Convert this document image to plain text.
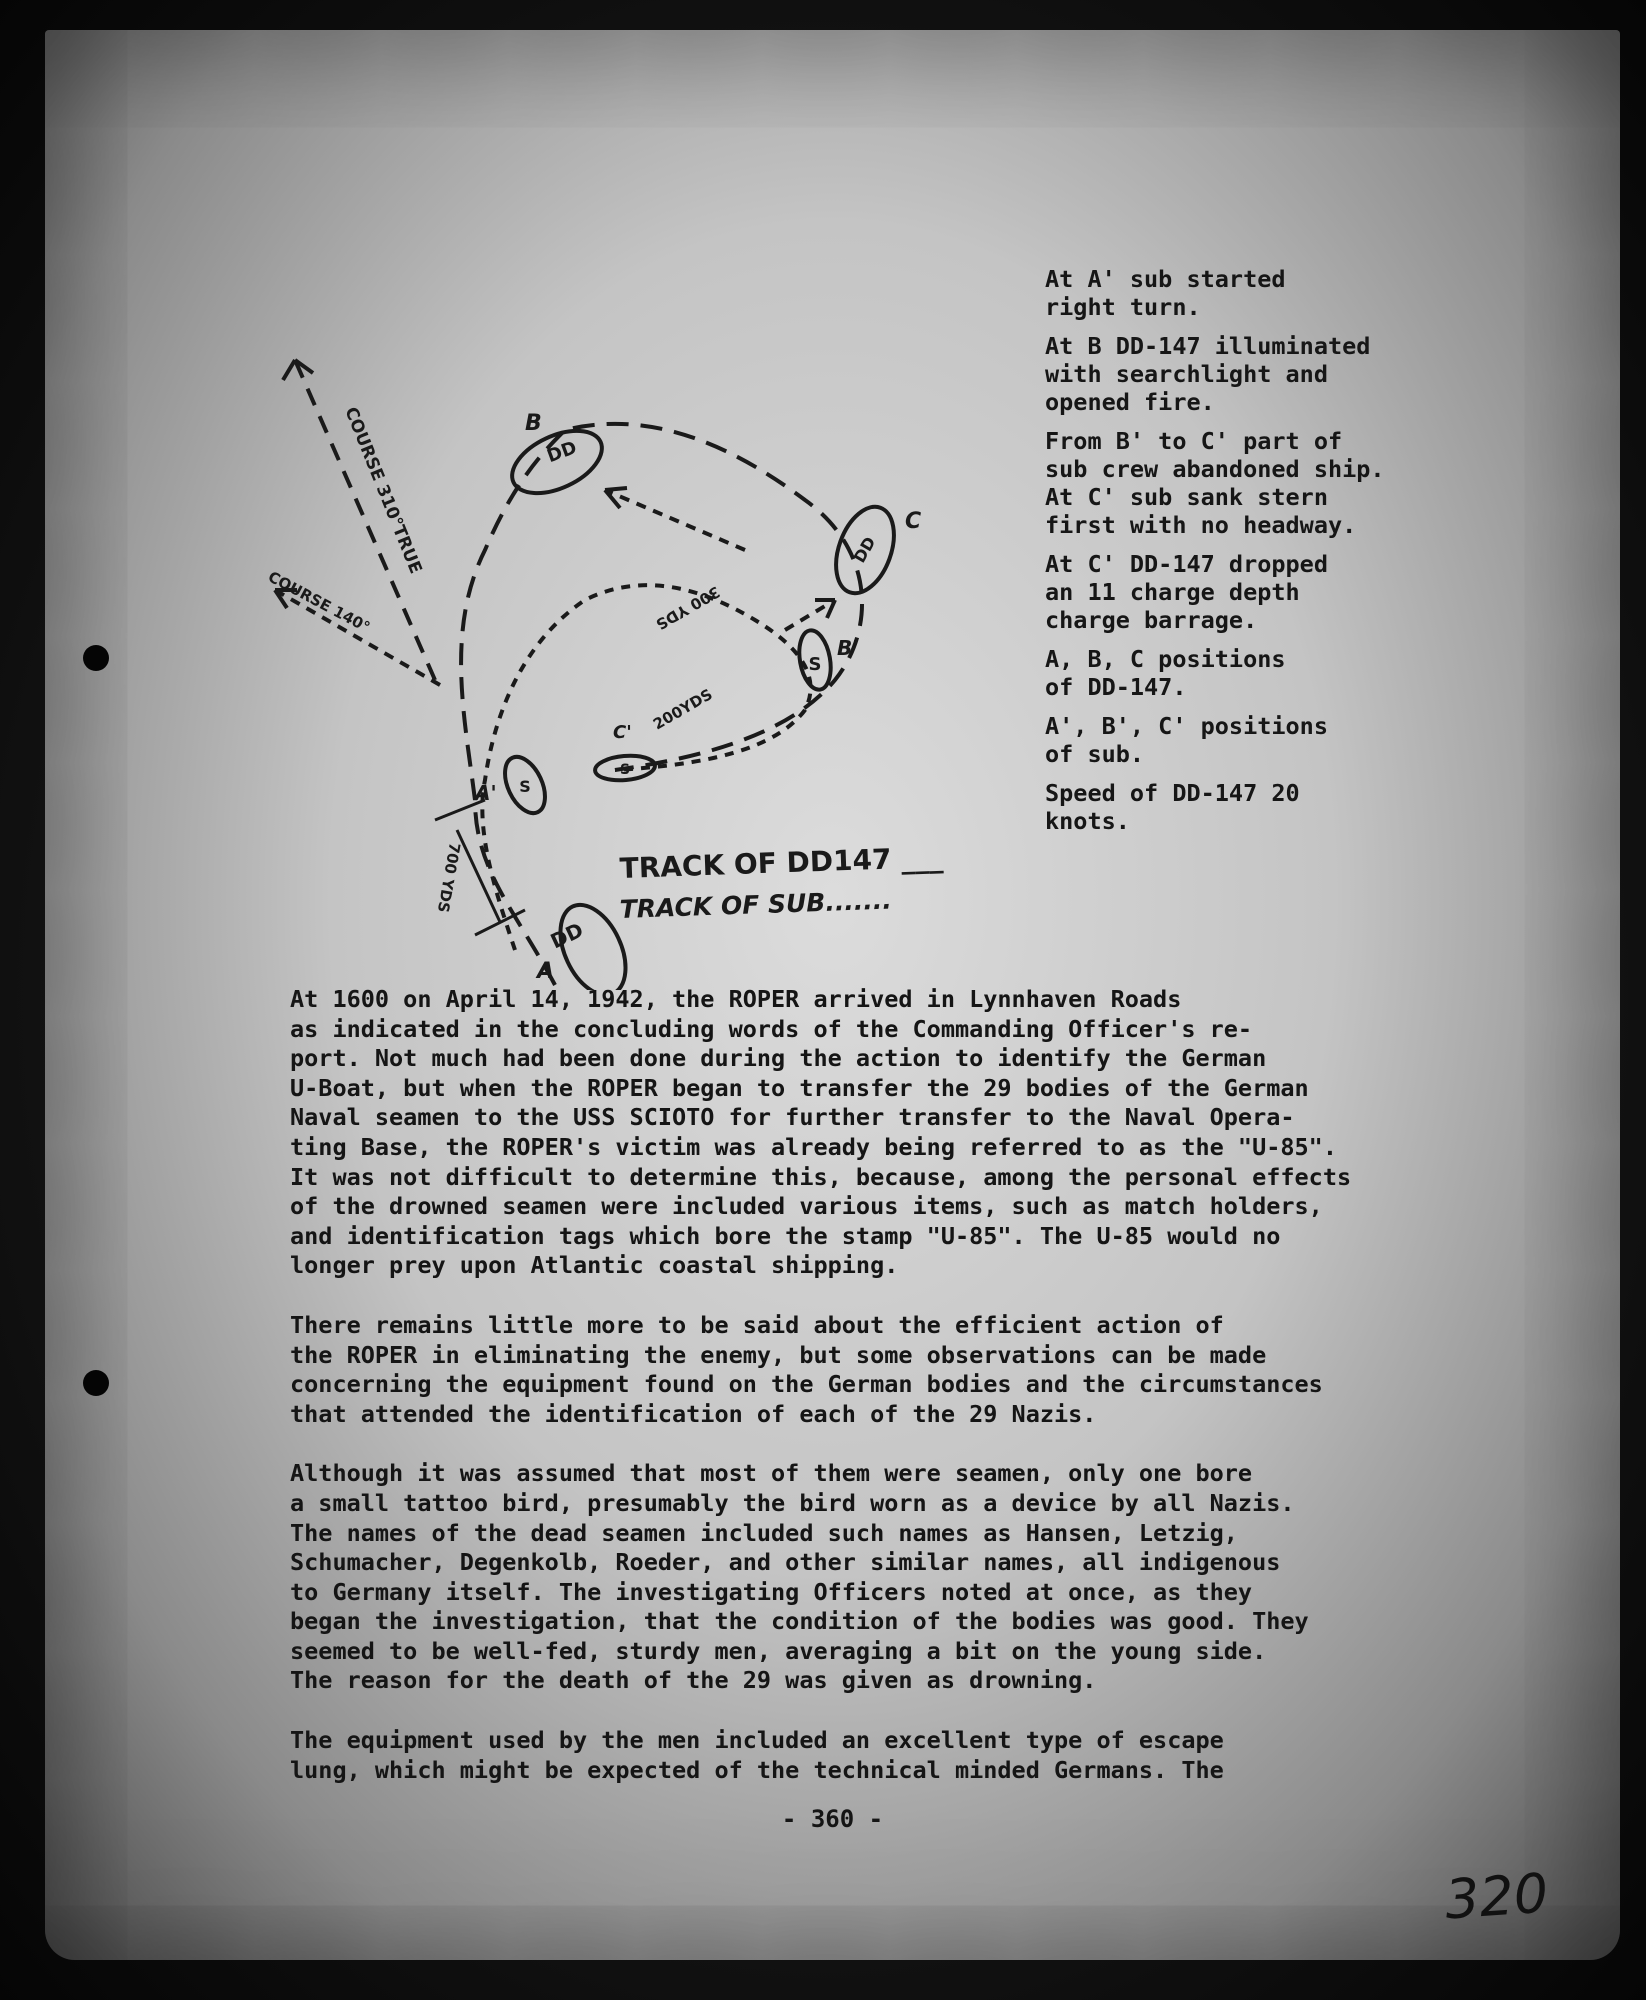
DD
DD
DD
S
S
S
A
A'
B
B'
C
C'
COURSE 310°TRUE
COURSE 140°
700 YDS
200YDS
300 YDS
TRACK OF DD147 ___
TRACK OF SUB.......

At A' sub started
right turn.

At B DD-147 illuminated
with searchlight and
opened fire.

From B' to C' part of
sub crew abandoned ship.
At C' sub sank stern
first with no headway.

At C' DD-147 dropped
an 11 charge depth
charge barrage.

A, B, C positions
of DD-147.

A', B', C' positions
of sub.

Speed of DD-147 20
knots.

At 1600 on April 14, 1942, the ROPER arrived in Lynnhaven Roads
as indicated in the concluding words of the Commanding Officer's re-
port. Not much had been done during the action to identify the German
U-Boat, but when the ROPER began to transfer the 29 bodies of the German
Naval seamen to the USS SCIOTO for further transfer to the Naval Opera-
ting Base, the ROPER's victim was already being referred to as the "U-85".
It was not difficult to determine this, because, among the personal effects
of the drowned seamen were included various items, such as match holders,
and identification tags which bore the stamp "U-85". The U-85 would no
longer prey upon Atlantic coastal shipping.

There remains little more to be said about the efficient action of
the ROPER in eliminating the enemy, but some observations can be made
concerning the equipment found on the German bodies and the circumstances
that attended the identification of each of the 29 Nazis.

Although it was assumed that most of them were seamen, only one bore
a small tattoo bird, presumably the bird worn as a device by all Nazis.
The names of the dead seamen included such names as Hansen, Letzig,
Schumacher, Degenkolb, Roeder, and other similar names, all indigenous
to Germany itself. The investigating Officers noted at once, as they
began the investigation, that the condition of the bodies was good. They
seemed to be well-fed, sturdy men, averaging a bit on the young side.
The reason for the death of the 29 was given as drowning.

The equipment used by the men included an excellent type of escape
lung, which might be expected of the technical minded Germans. The

- 360 -
320
